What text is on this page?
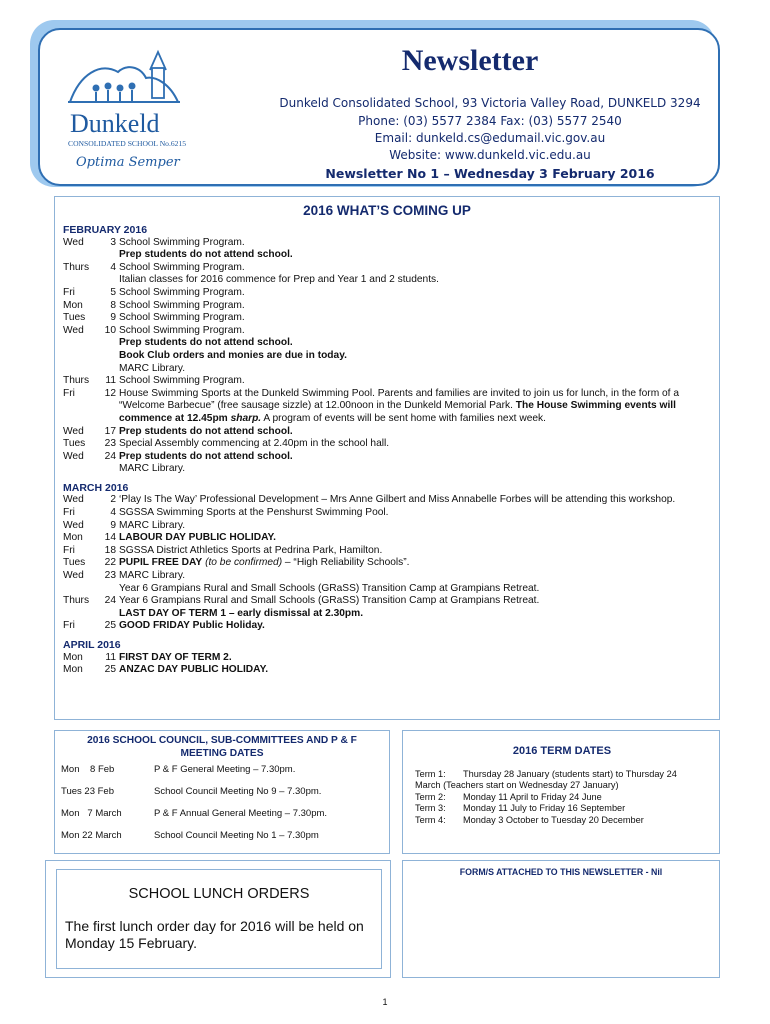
Dunkeld
CONSOLIDATED SCHOOL No.6215
Optima Semper
Newsletter
Dunkeld Consolidated School, 93 Victoria Valley Road, DUNKELD 3294
Phone: (03) 5577 2384 Fax: (03) 5577 2540
Email: dunkeld.cs@edumail.vic.gov.au
Website: www.dunkeld.vic.edu.au
Newsletter No 1 – Wednesday 3 February 2016
2016 WHAT’S COMING UP
FEBRUARY 2016
Wed	3 School Swimming Program.
Prep students do not attend school.
Thurs	4 School Swimming Program.
Italian classes for 2016 commence for Prep and Year 1 and 2 students.
Fri	5 School Swimming Program.
Mon	8 School Swimming Program.
Tues	9 School Swimming Program.
Wed	10 School Swimming Program.
Prep students do not attend school.
Book Club orders and monies are due in today.
MARC Library.
Thurs	11 School Swimming Program.
Fri	12 House Swimming Sports at the Dunkeld Swimming Pool. Parents and families are invited to join us for lunch, in the form of a “Welcome Barbecue” (free sausage sizzle) at 12.00noon in the Dunkeld Memorial Park. The House Swimming events will commence at 12.45pm sharp. A program of events will be sent home with families next week.
Wed	17 Prep students do not attend school.
Tues	23 Special Assembly commencing at 2.40pm in the school hall.
Wed	24 Prep students do not attend school.
MARC Library.
MARCH 2016
Wed	2 ‘Play Is The Way’ Professional Development – Mrs Anne Gilbert and Miss Annabelle Forbes will be attending this workshop.
Fri	4 SGSSA Swimming Sports at the Penshurst Swimming Pool.
Wed	9 MARC Library.
Mon	14 LABOUR DAY PUBLIC HOLIDAY.
Fri	18 SGSSA District Athletics Sports at Pedrina Park, Hamilton.
Tues	22 PUPIL FREE DAY (to be confirmed) – “High Reliability Schools”.
Wed	23 MARC Library.
Year 6 Grampians Rural and Small Schools (GRaSS) Transition Camp at Grampians Retreat.
Thurs	24 Year 6 Grampians Rural and Small Schools (GRaSS) Transition Camp at Grampians Retreat.
LAST DAY OF TERM 1 – early dismissal at 2.30pm.
Fri	25 GOOD FRIDAY Public Holiday.
APRIL 2016
Mon	11 FIRST DAY OF TERM 2.
Mon	25 ANZAC DAY PUBLIC HOLIDAY.
2016 SCHOOL COUNCIL, SUB-COMMITTEES AND P & F MEETING DATES
Mon    8 Feb	P & F General Meeting – 7.30pm.
Tues 23 Feb	School Council Meeting No 9 – 7.30pm.
Mon   7 March	P & F Annual General Meeting – 7.30pm.
Mon 22 March	School Council Meeting No 1 – 7.30pm
2016 TERM DATES
Term 1:	Thursday 28 January (students start) to Thursday 24
March (Teachers start on Wednesday 27 January)
Term 2:	Monday 11 April to Friday 24 June
Term 3:	Monday 11 July to Friday 16 September
Term 4:	Monday 3 October to Tuesday 20 December
SCHOOL LUNCH ORDERS
The first lunch order day for 2016 will be held on Monday 15 February.
FORM/S ATTACHED TO THIS NEWSLETTER - Nil
1
